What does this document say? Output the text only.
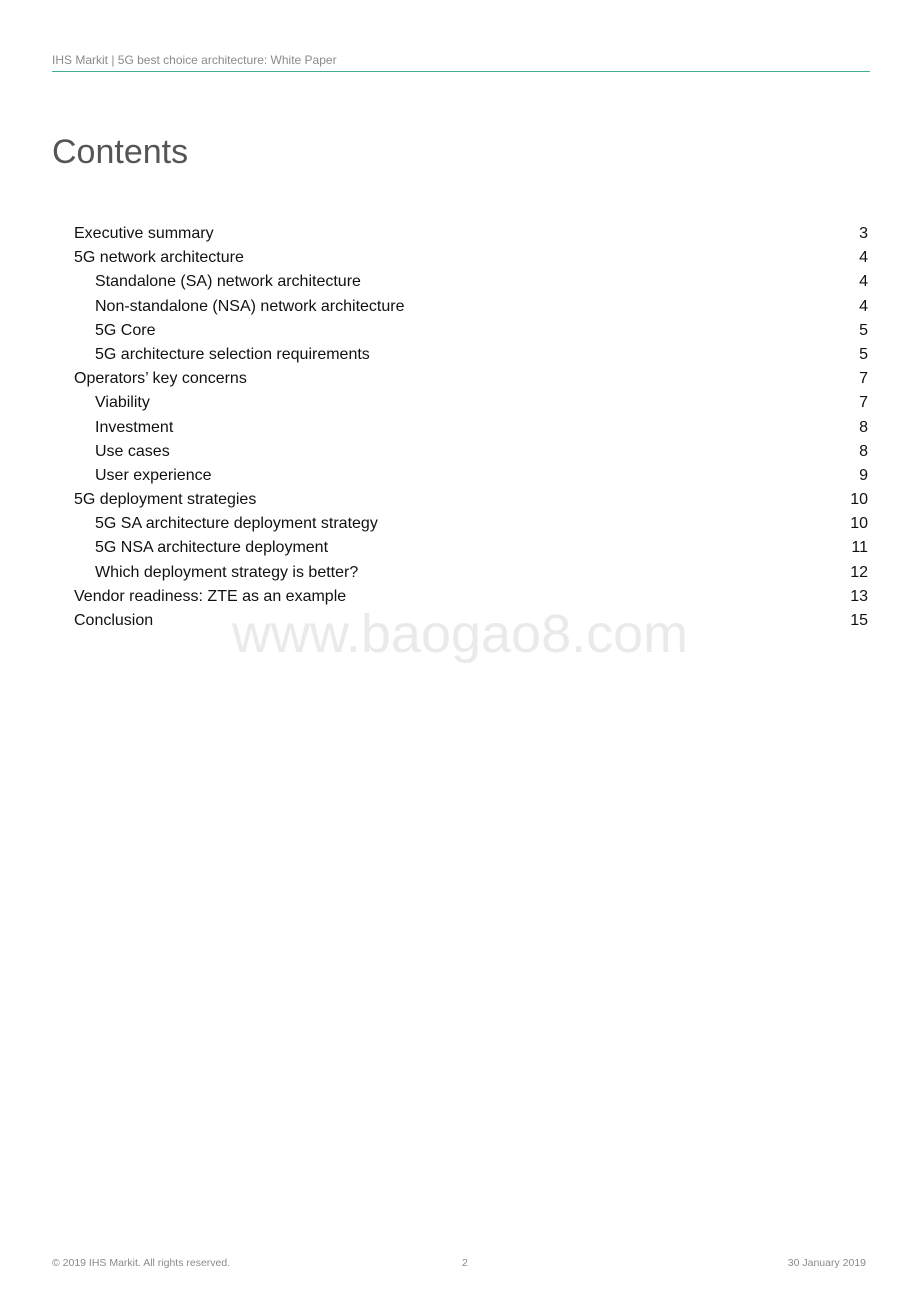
IHS Markit | 5G best choice architecture: White Paper
Contents
Executive summary	3
5G network architecture	4
Standalone (SA) network architecture	4
Non-standalone (NSA) network architecture	4
5G Core	5
5G architecture selection requirements	5
Operators’ key concerns	7
Viability	7
Investment	8
Use cases	8
User experience	9
5G deployment strategies	10
5G SA architecture deployment strategy	10
5G NSA architecture deployment	11
Which deployment strategy is better?	12
Vendor readiness: ZTE as an example	13
Conclusion	15
www.baogao8.com
© 2019 IHS Markit. All rights reserved.	2	30 January 2019
